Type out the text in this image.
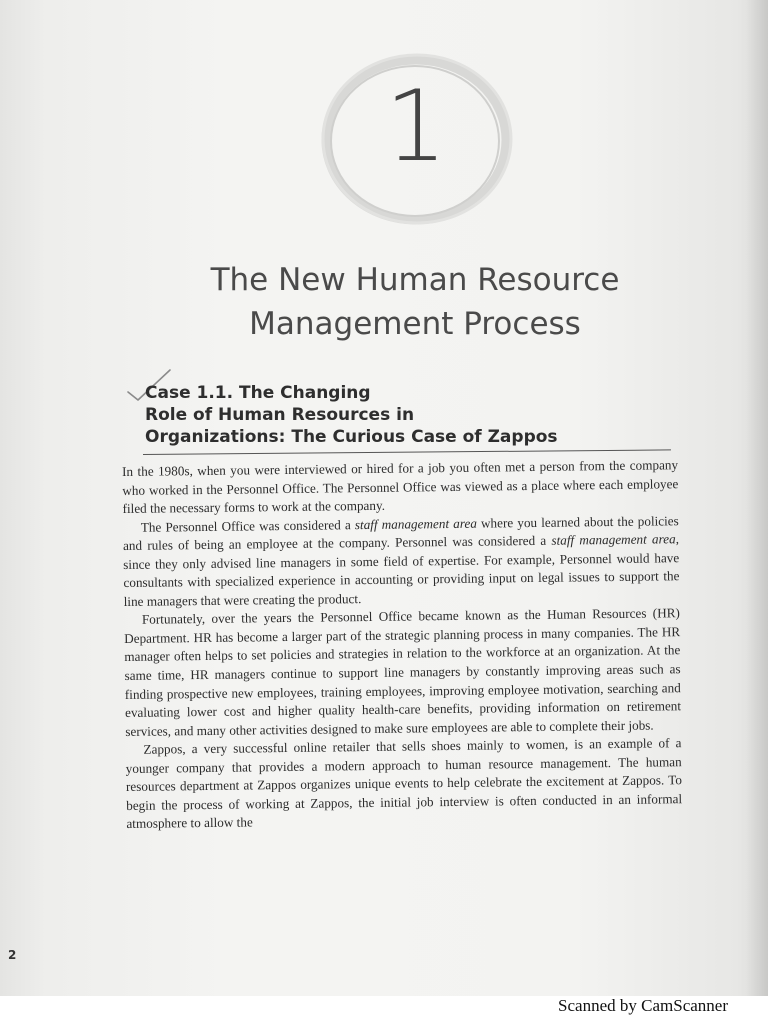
1
The New Human Resource
Management Process
Case 1.1. The Changing
Role of Human Resources in
Organizations: The Curious Case of Zappos

In the 1980s, when you were interviewed or hired for a job you often met a person from the company who worked in the Personnel Office. The Personnel Office was viewed as a place where each employee filed the necessary forms to work at the company.

The Personnel Office was considered a staff management area where you learned about the policies and rules of being an employee at the company. Personnel was considered a staff management area, since they only advised line managers in some field of expertise. For example, Personnel would have consultants with specialized experience in accounting or providing input on legal issues to support the line managers that were creating the product.

Fortunately, over the years the Personnel Office became known as the Human Resources (HR) Department. HR has become a larger part of the strategic planning process in many companies. The HR manager often helps to set policies and strategies in relation to the workforce at an organization. At the same time, HR managers continue to support line managers by constantly improving areas such as finding prospective new employees, training employees, improving employee motivation, searching and evaluating lower cost and higher quality health-care benefits, providing information on retirement services, and many other activities designed to make sure employees are able to complete their jobs.

Zappos, a very successful online retailer that sells shoes mainly to women, is an example of a younger company that provides a modern approach to human resource management. The human resources department at Zappos organizes unique events to help celebrate the excitement at Zappos. To begin the process of working at Zappos, the initial job interview is often conducted in an informal atmosphere to allow the

2
Scanned by CamScanner
